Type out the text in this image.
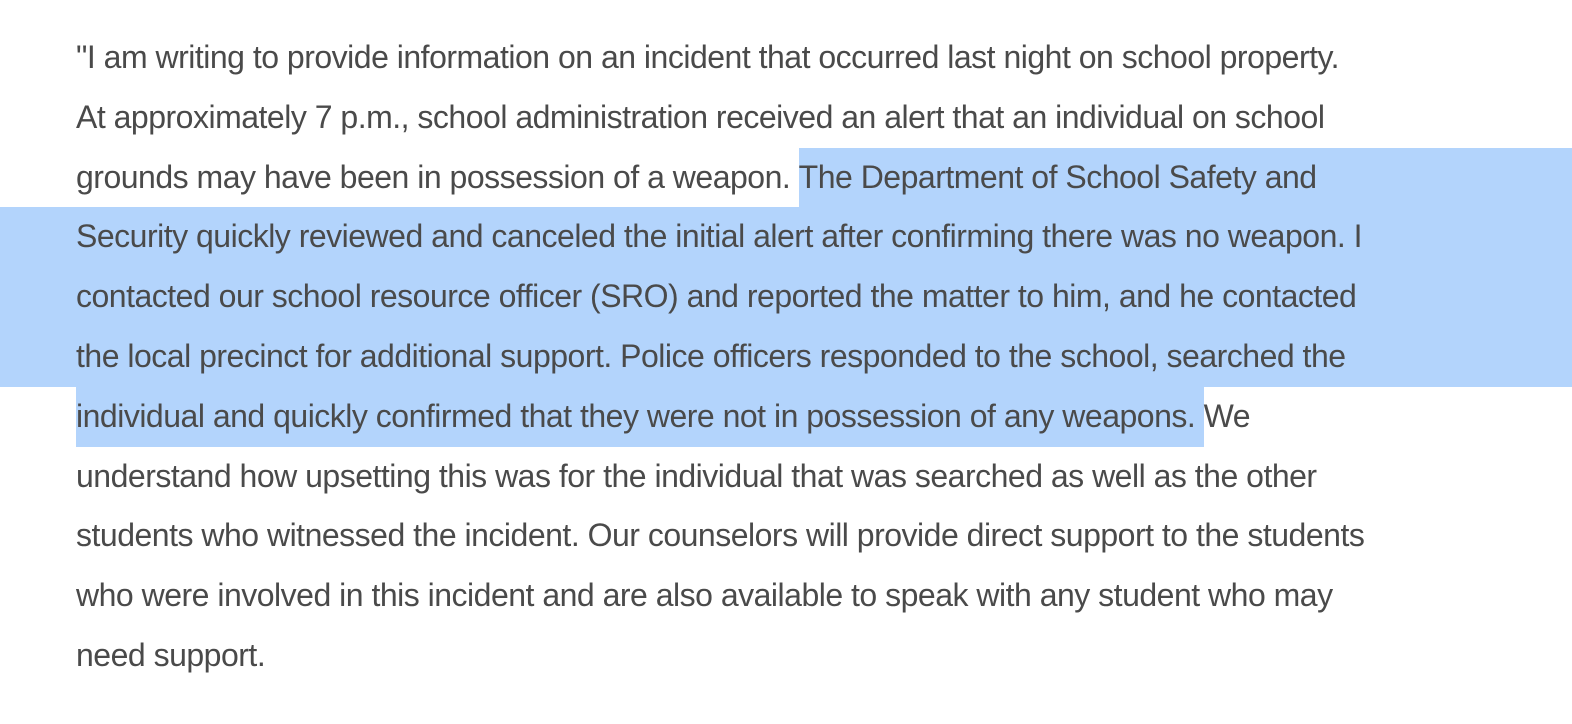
"I am writing to provide information on an incident that occurred last night on school property.
At approximately 7 p.m., school administration received an alert that an individual on school
grounds may have been in possession of a weapon. The Department of School Safety and
Security quickly reviewed and canceled the initial alert after confirming there was no weapon. I
contacted our school resource officer (SRO) and reported the matter to him, and he contacted
the local precinct for additional support. Police officers responded to the school, searched the
individual and quickly confirmed that they were not in possession of any weapons. We
understand how upsetting this was for the individual that was searched as well as the other
students who witnessed the incident. Our counselors will provide direct support to the students
who were involved in this incident and are also available to speak with any student who may
need support.
